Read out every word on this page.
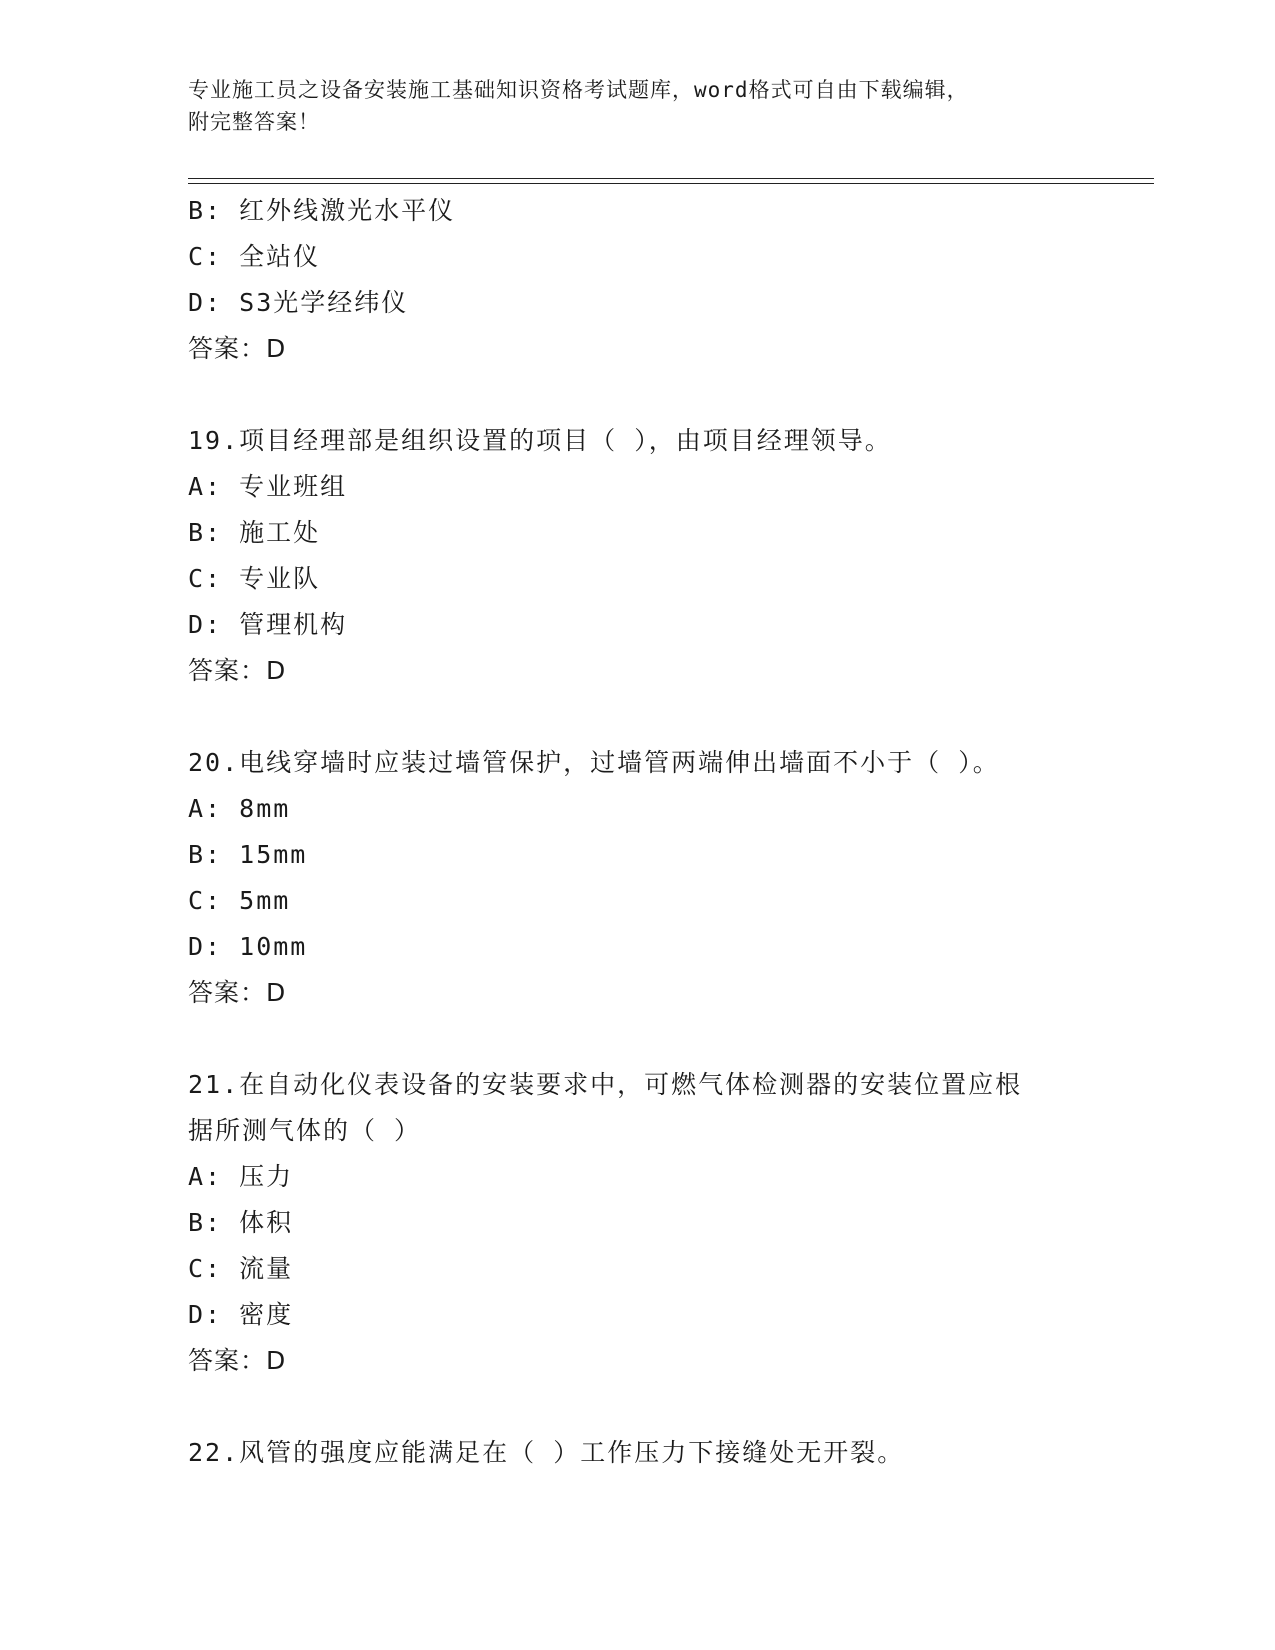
专业施工员之设备安装施工基础知识资格考试题库，word格式可自由下载编辑，
附完整答案！
B: 红外线激光水平仪
C: 全站仪
D: S3光学经纬仪
答案：D
19.项目经理部是组织设置的项目（ ），由项目经理领导。
A: 专业班组
B: 施工处
C: 专业队
D: 管理机构
答案：D
20.电线穿墙时应装过墙管保护，过墙管两端伸出墙面不小于（ ）。
A: 8mm
B: 15mm
C: 5mm
D: 10mm
答案：D
21.在自动化仪表设备的安装要求中，可燃气体检测器的安装位置应根
据所测气体的（ ）
A: 压力
B: 体积
C: 流量
D: 密度
答案：D
22.风管的强度应能满足在（ ）工作压力下接缝处无开裂。
